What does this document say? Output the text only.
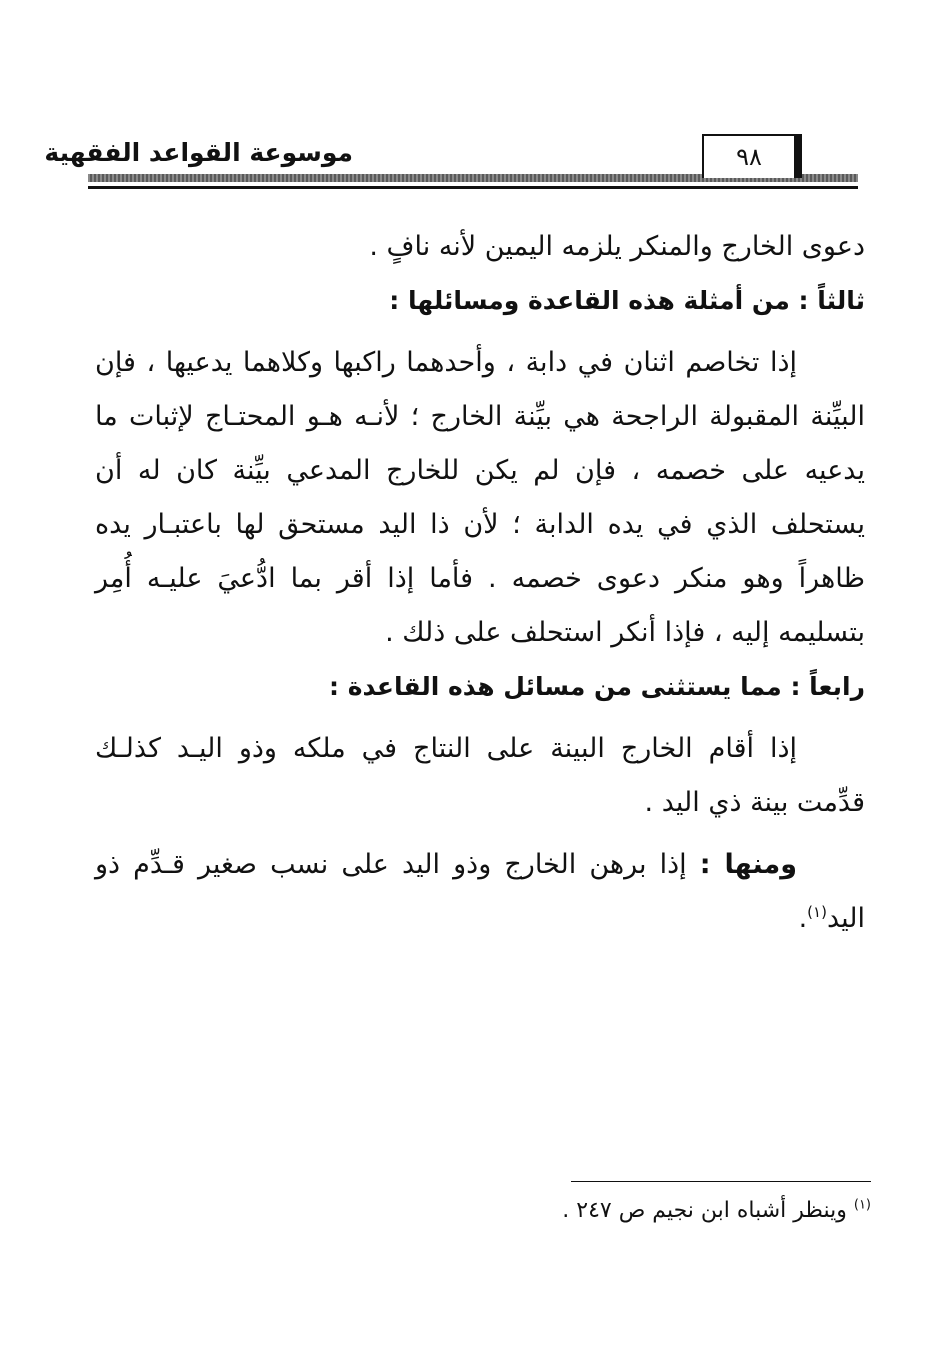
موسوعة القواعد الفقهية	٩٨

دعوى الخارج والمنكر يلزمه اليمين لأنه نافٍ .

ثالثاً : من أمثلة هذه القاعدة ومسائلها :

إذا تخاصم اثنان في دابة ، وأحدهما راكبها وكلاهما يدعيها ، فإن البيِّنة المقبولة الراجحة هي بيِّنة الخارج ؛ لأنـه هـو المحتـاج لإثبات ما يدعيه على خصمه ، فإن لم يكن للخارج المدعي بيِّنة كان له أن يستحلف الذي في يده الدابة ؛ لأن ذا اليد مستحق لها باعتبـار يده ظاهراً وهو منكر دعوى خصمه . فأما إذا أقر بما ادُّعيَ عليـه أُمِر بتسليمه إليه ، فإذا أنكر استحلف على ذلك .

رابعاً : مما يستثنى من مسائل هذه القاعدة :

إذا أقام الخارج البينة على النتاج في ملكه وذو اليـد كذلـك قدِّمت بينة ذي اليد .

ومنها : إذا برهن الخارج وذو اليد على نسب صغير قـدِّم ذو اليد$^{(١)}$.

$^{(١)}$ وينظر أشباه ابن نجيم ص ٢٤٧ .
